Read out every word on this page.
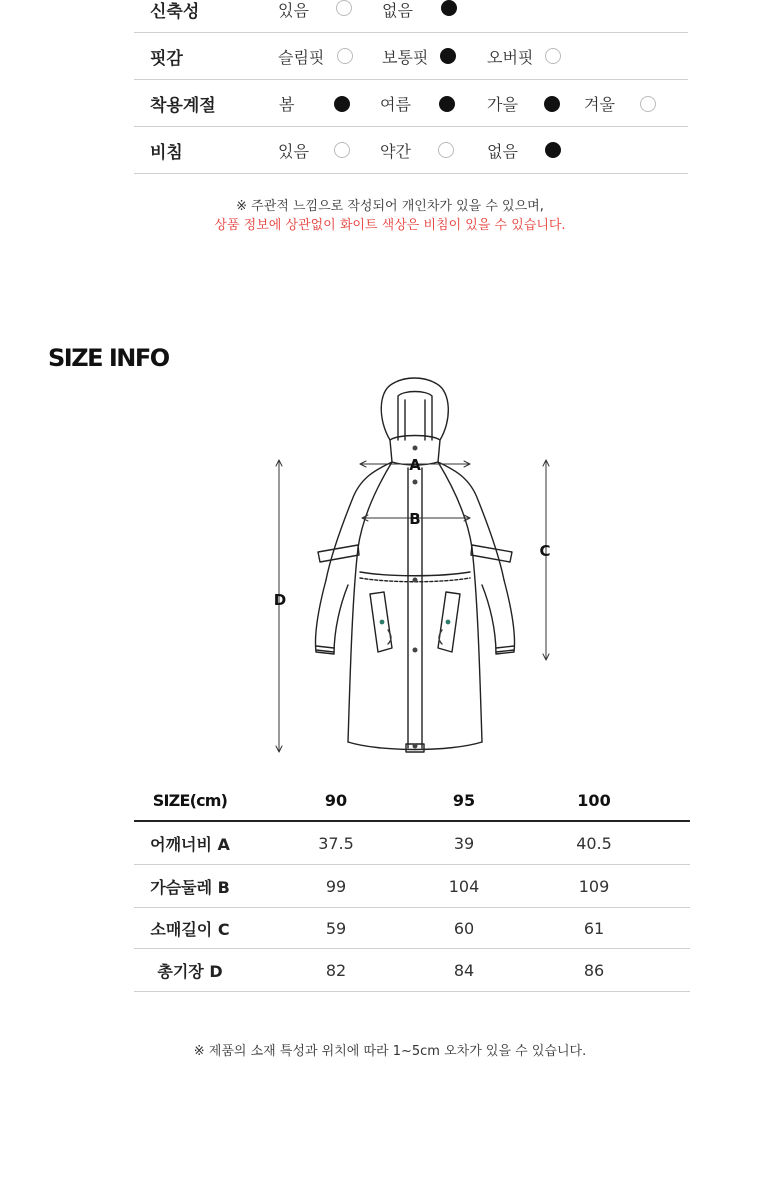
신축성	있음	없음
핏감	슬림핏	보통핏	오버핏
착용계절	봄	여름	가을	겨울
비침	있음	약간	없음
※ 주관적 느낌으로 작성되어 개인차가 있을 수 있으며,
상품 정보에 상관없이 화이트 색상은 비침이 있을 수 있습니다.
SIZE INFO
A
B
C
D
SIZE(cm)	90	95	100
어깨너비 A	37.5	39	40.5
가슴둘레 B	99	104	109
소매길이 C	59	60	61
총기장 D	82	84	86
※ 제품의 소재 특성과 위치에 따라 1~5cm 오차가 있을 수 있습니다.
